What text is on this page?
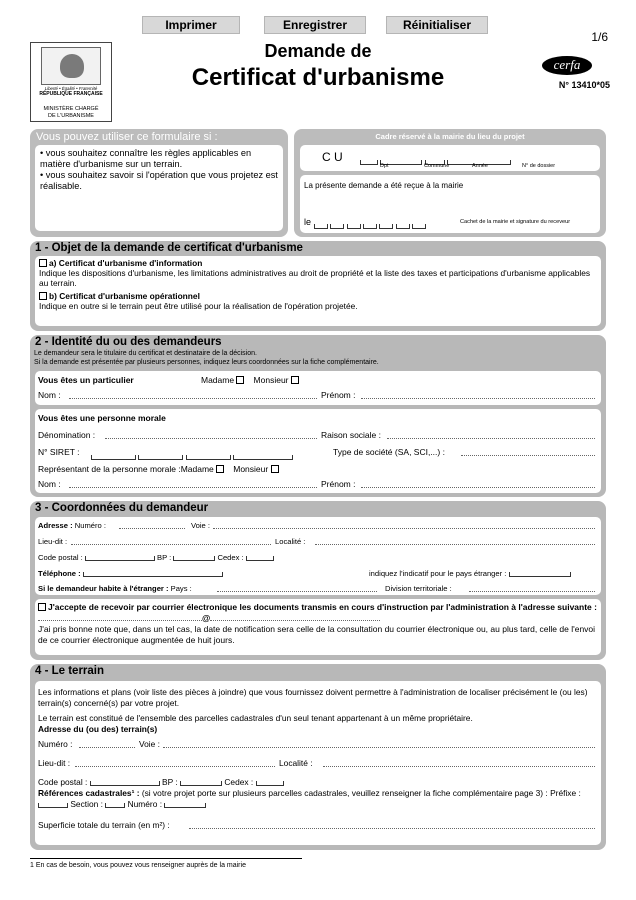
Imprimer	Enregistrer	Réinitialiser
1/6
Liberté • Égalité • Fraternité
RÉPUBLIQUE FRANÇAISE
MINISTÈRE CHARGÉ
DE L'URBANISME
Demande de
Certificat d'urbanisme	cerfa
N° 13410*05
Vous pouvez utiliser ce formulaire si :
• vous souhaitez connaître les règles applicables en matière d'urbanisme sur un terrain.
• vous souhaitez savoir si l'opération que vous projetez est réalisable.
Cadre réservé à la mairie du lieu du projet
C U

Dpt	Commune	Année	N° de dossier
La présente demande a été reçue à la mairie
le
	Cachet de la mairie et signature du receveur
1 - Objet de la demande de certificat d'urbanisme
a) Certificat d'urbanisme d'information
Indique les dispositions d'urbanisme, les limitations administratives au droit de propriété et la liste des taxes et participations d'urbanisme applicables au terrain.
b) Certificat d'urbanisme opérationnel
Indique en outre si le terrain peut être utilisé pour la réalisation de l'opération projetée.
2 - Identité du ou des demandeurs
Le demandeur sera le titulaire du certificat et destinataire de la décision.
Si la demande est présentée par plusieurs personnes, indiquez leurs coordonnées sur la fiche complémentaire.
Vous êtes un particulier	Madame Monsieur
Nom :	Prénom :
Vous êtes une personne morale
Dénomination :	Raison sociale :
N° SIRET :
	Type de société (SA, SCI,...) :
Représentant de la personne morale :Madame Monsieur
Nom :	Prénom :
3 - Coordonnées du demandeur
Adresse : Numéro :	Voie :
Lieu-dit :	Localité :
Code postal :	BP :	Cedex :
Téléphone :	indiquez l'indicatif pour le pays étranger :
Si le demandeur habite à l'étranger : Pays :	Division territoriale :
J'accepte de recevoir par courrier électronique les documents transmis en cours d'instruction par l'administration à l'adresse suivante : @
J'ai pris bonne note que, dans un tel cas, la date de notification sera celle de la consultation du courrier électronique ou, au plus tard, celle de l'envoi de ce courrier électronique augmentée de huit jours.
4 - Le terrain
Les informations et plans (voir liste des pièces à joindre) que vous fournissez doivent permettre à l'administration de localiser précisément le (ou les) terrain(s) concerné(s) par votre projet.
Le terrain est constitué de l'ensemble des parcelles cadastrales d'un seul tenant appartenant à un même propriétaire.
Adresse du (ou des) terrain(s)
Numéro :	Voie :
Lieu-dit :	Localité :
Code postal :	BP :	Cedex :
Références cadastrales¹ : (si votre projet porte sur plusieurs parcelles cadastrales, veuillez renseigner la fiche complémentaire page 3) : Préfixe :  Section :	Numéro :
Superficie totale du terrain (en m²) :
1 En cas de besoin, vous pouvez vous renseigner auprès de la mairie
